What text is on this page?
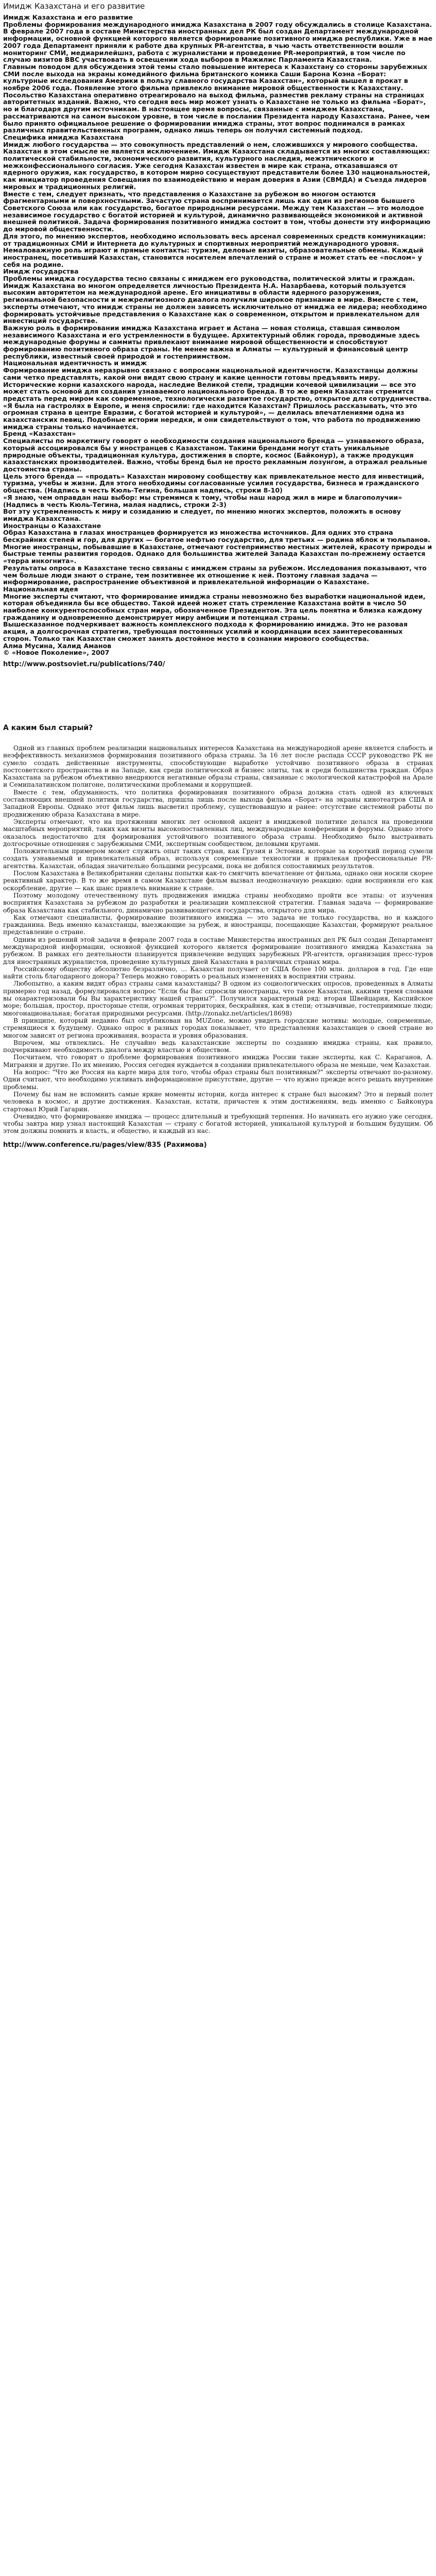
Имидж Казахстана и его развитие

Имидж Казахстана и его развитие

Проблемы формирования международного имиджа Казахстана в 2007 году обсуждались в столице Казахстана. В феврале 2007 года в составе Министерства иностранных дел РК был создан Департамент международной информации, основной функцией которого является формирование позитивного имиджа республики. Уже в мае 2007 года Департамент приняли к работе два крупных PR-агентства, в чью часть ответственности вошли мониторинг СМИ, медиарилейшнз, работа с журналистами и проведение PR-мероприятий, в том числе по случаю визитов ВВС участвовать в освещении хода выборов в Мажилис Парламента Казахстана.

Главным поводом для обсуждения этой темы стало повышение интереса к Казахстану со стороны зарубежных СМИ после выхода на экраны комедийного фильма британского комика Саши Барона Коэна «Борат: культурные исследования Америки в пользу славного государства Казахстан», который вышел в прокат в ноябре 2006 года. Появление этого фильма привлекло внимание мировой общественности к Казахстану. Посольство Казахстана оперативно отреагировало на выход фильма, разместив рекламу страны на страницах авторитетных изданий. Важно, что сегодня весь мир может узнать о Казахстане не только из фильма «Борат», но и благодаря другим источникам. В настоящее время вопросы, связанные с имиджем Казахстана, рассматриваются на самом высоком уровне, в том числе в послании Президента народу Казахстана. Ранее, чем было принято официальное решение о формировании имиджа страны, этот вопрос поднимался в рамках различных правительственных программ, однако лишь теперь он получил системный подход.

Специфика имиджа Казахстана

Имидж любого государства — это совокупность представлений о нем, сложившихся у мирового сообщества. Казахстан в этом смысле не является исключением. Имидж Казахстана складывается из многих составляющих: политической стабильности, экономического развития, культурного наследия, межэтнического и межконфессионального согласия. Уже сегодня Казахстан известен в мире как страна, отказавшаяся от ядерного оружия, как государство, в котором мирно сосуществуют представители более 130 национальностей, как инициатор проведения Совещания по взаимодействию и мерам доверия в Азии (СВМДА) и Съезда лидеров мировых и традиционных религий.

Вместе с тем, следует признать, что представления о Казахстане за рубежом во многом остаются фрагментарными и поверхностными. Зачастую страна воспринимается лишь как один из регионов бывшего Советского Союза или как государство, богатое природными ресурсами. Между тем Казахстан — это молодое независимое государство с богатой историей и культурой, динамично развивающейся экономикой и активной внешней политикой. Задача формирования позитивного имиджа состоит в том, чтобы донести эту информацию до мировой общественности.

Для этого, по мнению экспертов, необходимо использовать весь арсенал современных средств коммуникации: от традиционных СМИ и Интернета до культурных и спортивных мероприятий международного уровня. Немаловажную роль играют и прямые контакты: туризм, деловые визиты, образовательные обмены. Каждый иностранец, посетивший Казахстан, становится носителем впечатлений о стране и может стать ее «послом» у себя на родине.

Имидж государства

Проблемы имиджа государства тесно связаны с имиджем его руководства, политической элиты и граждан. Имидж Казахстана во многом определяется личностью Президента Н.А. Назарбаева, который пользуется высоким авторитетом на международной арене. Его инициативы в области ядерного разоружения, региональной безопасности и межрелигиозного диалога получили широкое признание в мире. Вместе с тем, эксперты отмечают, что имидж страны не должен зависеть исключительно от имиджа ее лидера; необходимо формировать устойчивые представления о Казахстане как о современном, открытом и привлекательном для инвестиций государстве.

Важную роль в формировании имиджа Казахстана играет и Астана — новая столица, ставшая символом независимого Казахстана и его устремленности в будущее. Архитектурный облик города, проводимые здесь международные форумы и саммиты привлекают внимание мировой общественности и способствуют формированию позитивного образа страны. Не менее важна и Алматы — культурный и финансовый центр республики, известный своей природой и гостеприимством.

Национальная идентичность и имидж

Формирование имиджа неразрывно связано с вопросами национальной идентичности. Казахстанцы должны сами четко представлять, какой они видят свою страну и какие ценности готовы предъявить миру. Исторические корни казахского народа, наследие Великой степи, традиции кочевой цивилизации — все это может стать основой для создания узнаваемого национального бренда. В то же время Казахстан стремится предстать перед миром как современное, технологически развитое государство, открытое для сотрудничества.

«Я была на гастролях в Европе, и меня спросили: где находится Казахстан? Пришлось рассказывать, что это огромная страна в центре Евразии, с богатой историей и культурой», — делилась впечатлениями одна из казахстанских певиц. Подобные истории нередки, и они свидетельствуют о том, что работа по продвижению имиджа страны только начинается.

Бренд «Казахстан»

Специалисты по маркетингу говорят о необходимости создания национального бренда — узнаваемого образа, который ассоциировался бы у иностранцев с Казахстаном. Такими брендами могут стать уникальные природные объекты, традиционная культура, достижения в спорте, космос (Байконур), а также продукция казахстанских производителей. Важно, чтобы бренд был не просто рекламным лозунгом, а отражал реальные достоинства страны.

Цель этого бренда — «продать» Казахстан мировому сообществу как привлекательное место для инвестиций, туризма, учебы и жизни. Для этого необходимы согласованные усилия государства, бизнеса и гражданского общества. (Надпись в честь Кюль-Тегина, большая надпись, строки 8-10)

«Я знаю, чем оправдан наш выбор: мы стремимся к тому, чтобы наш народ жил в мире и благополучии» (Надпись в честь Кюль-Тегина, малая надпись, строки 2-3)

Вот эту устремленность к миру и созиданию и следует, по мнению многих экспертов, положить в основу имиджа Казахстана.

Иностранцы о Казахстане

Образ Казахстана в глазах иностранцев формируется из множества источников. Для одних это страна бескрайних степей и гор, для других — богатое нефтью государство, для третьих — родина яблок и тюльпанов. Многие иностранцы, побывавшие в Казахстане, отмечают гостеприимство местных жителей, красоту природы и быстрые темпы развития городов. Однако для большинства жителей Запада Казахстан по-прежнему остается «терра инкогнита».

Результаты опроса в Казахстане тесно связаны с имиджем страны за рубежом. Исследования показывают, что чем больше люди знают о стране, тем позитивнее их отношение к ней. Поэтому главная задача — информирование, распространение объективной и привлекательной информации о Казахстане.

Национальная идея

Многие эксперты считают, что формирование имиджа страны невозможно без выработки национальной идеи, которая объединила бы все общество. Такой идеей может стать стремление Казахстана войти в число 50 наиболее конкурентоспособных стран мира, обозначенное Президентом. Эта цель понятна и близка каждому гражданину и одновременно демонстрирует миру амбиции и потенциал страны.

Вышесказанное подчеркивает важность комплексного подхода к формированию имиджа. Это не разовая акция, а долгосрочная стратегия, требующая постоянных усилий и координации всех заинтересованных сторон. Только так Казахстан сможет занять достойное место в сознании мирового сообщества.

Алма Мусина, Халид Аманов

© «Новое Поколение», 2007

http://www.postsoviet.ru/publications/740/

А каким был старый?

Одной из главных проблем реализации национальных интересов Казахстана на международной арене является слабость и неэффективность механизмов формирования позитивного образа страны. За 16 лет после распада СССР руководство РК не сумело создать действенные инструменты, способствующие выработке устойчиво позитивного образа в странах постсоветского пространства и на Западе, как среди политической и бизнес элиты, так и среди большинства граждан. Образ Казахстана за рубежом объективно внедряются негативные образы страны, связанные с экологической катастрофой на Арале и Семипалатинском полигоне, политическими проблемами и коррупцией.

Вместе с тем, обдуманность, что политика формирования позитивного образа должна стать одной из ключевых составляющих внешней политики государства, пришла лишь после выхода фильма «Борат» на экраны кинотеатров США и Западной Европы. Однако этот фильм лишь высветил проблему, существовавшую и ранее: отсутствие системной работы по продвижению образа Казахстана в мире.

Эксперты отмечают, что на протяжении многих лет основной акцент в имиджевой политике делался на проведении масштабных мероприятий, таких как визиты высокопоставленных лиц, международные конференции и форумы. Однако этого оказалось недостаточно для формирования устойчивого позитивного образа страны. Необходимо было выстраивать долгосрочные отношения с зарубежными СМИ, экспертным сообществом, деловыми кругами.

Положительным примером может служить опыт таких стран, как Грузия и Эстония, которые за короткий период сумели создать узнаваемый и привлекательный образ, используя современные технологии и привлекая профессиональные PR-агентства. Казахстан, обладая значительно большими ресурсами, пока не добился сопоставимых результатов.

Послом Казахстана в Великобритании сделаны попытки как-то смягчить впечатление от фильма, однако они носили скорее реактивный характер. В то же время в самом Казахстане фильм вызвал неоднозначную реакцию: одни восприняли его как оскорбление, другие — как шанс привлечь внимание к стране.

Поэтому молодому отечественному путь продвижения имиджа страны необходимо пройти все этапы: от изучения восприятия Казахстана за рубежом до разработки и реализации комплексной стратегии. Главная задача — формирование образа Казахстана как стабильного, динамично развивающегося государства, открытого для мира.

Как отмечают специалисты, формирование позитивного имиджа — это задача не только государства, но и каждого гражданина. Ведь именно казахстанцы, выезжающие за рубеж, и иностранцы, посещающие Казахстан, формируют реальное представление о стране.

Одним из решений этой задачи в феврале 2007 года в составе Министерства иностранных дел РК был создан Департамент международной информации, основной функцией которого является формирование позитивного имиджа Казахстана за рубежом. В рамках его деятельности планируется привлечение ведущих зарубежных PR-агентств, организация пресс-туров для иностранных журналистов, проведение культурных дней Казахстана в различных странах мира.

Российскому обществу абсолютно безразлично, ... Казахстан получает от США более 100 млн. долларов в год. Где еще найти столь благодарного донора? Теперь можно говорить о реальных изменениях в восприятии страны.

Любопытно, а каким видят образ страны сами казахстанцы? В одном из социологических опросов, проведенных в Алматы примерно год назад, формулировался вопрос "Если бы Вас спросили иностранцы, что такое Казахстан, какими тремя словами вы охарактеризовали бы Вы характеристику нашей страны?". Получился характерный ряд: вторая Швейцария, Каспийское море; большая, простор, просторные степи, огромная территория, бескрайняя, как в степи; отзывчивые, гостеприимные люди; многонациональная; богатая природными ресурсами. (http://zonakz.net/articles/18698)

В принципе, который недавно был опубликован на MUZone, можно увидеть городские мотивы: молодые, современные, стремящиеся к будущему. Однако опрос в разных городах показывает, что представления казахстанцев о своей стране во многом зависят от региона проживания, возраста и уровня образования.

Впрочем, мы отвлеклись. Не случайно ведь казахстанские эксперты по созданию имиджа страны, как правило, подчеркивают необходимость диалога между властью и обществом.

Посчитаем, что говорят о проблеме формирования позитивного имиджа России такие эксперты, как С. Караганов, А. Мигранян и другие. По их мнению, Россия сегодня нуждается в создании привлекательного образа не меньше, чем Казахстан.

На вопрос: "Что же Россия на карте мира для того, чтобы образ страны был позитивным?" эксперты отвечают по-разному. Одни считают, что необходимо усиливать информационное присутствие, другие — что нужно прежде всего решать внутренние проблемы.

Почему бы нам не вспомнить самые яркие моменты истории, когда интерес к стране был высоким? Это и первый полет человека в космос, и другие достижения. Казахстан, кстати, причастен к этим достижениям, ведь именно с Байконура стартовал Юрий Гагарин.

Очевидно, что формирование имиджа — процесс длительный и требующий терпения. Но начинать его нужно уже сегодня, чтобы завтра мир узнал настоящий Казахстан — страну с богатой историей, уникальной культурой и большим будущим. Об этом должны помнить и власть, и общество, и каждый из нас.

http://www.conference.ru/pages/view/835 (Рахимова)
